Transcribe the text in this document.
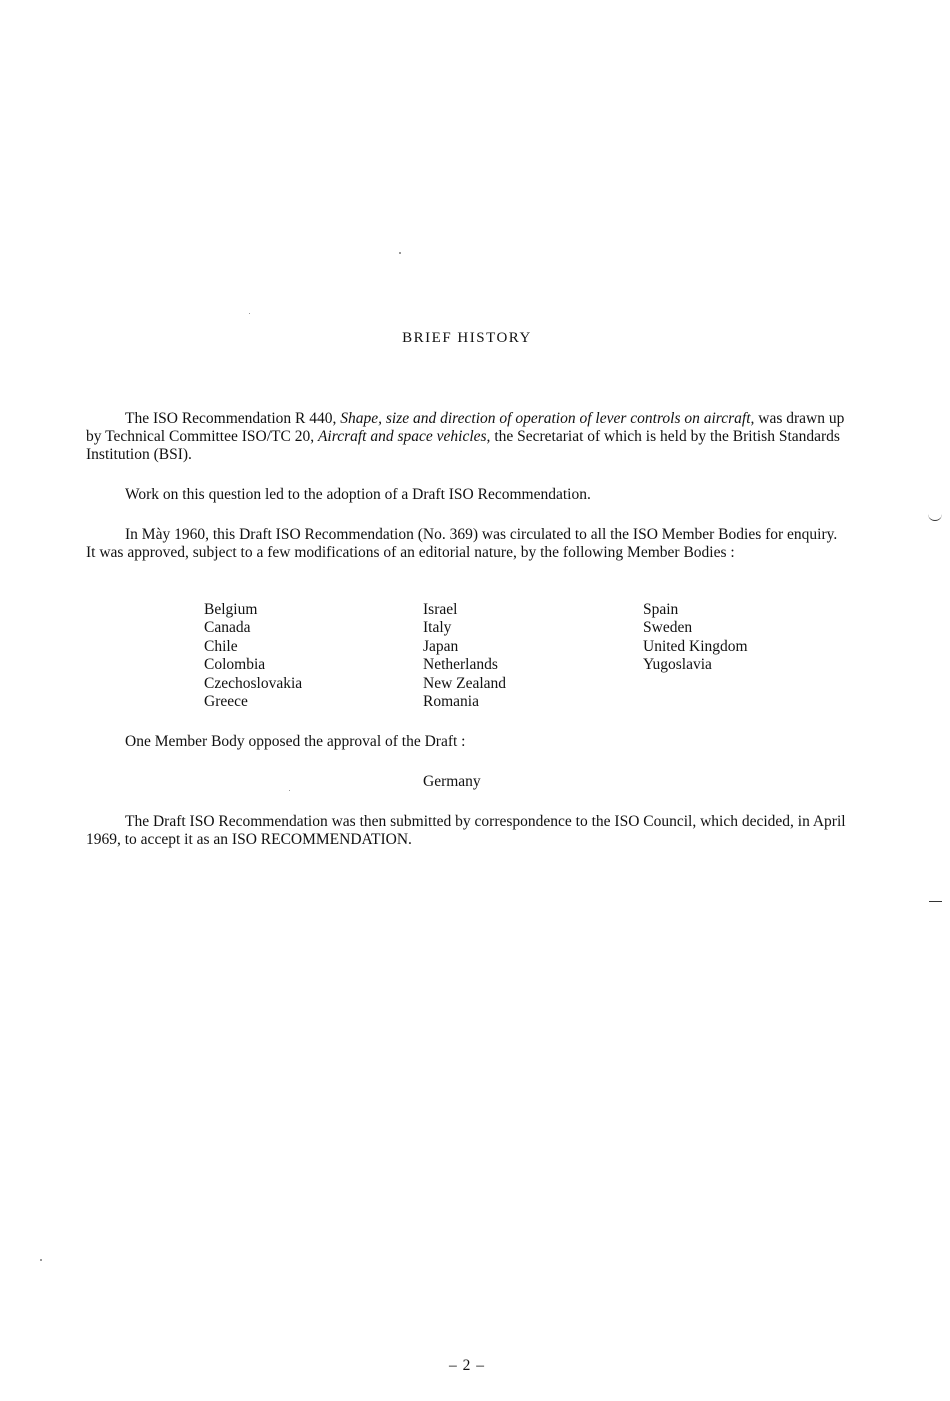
BRIEF HISTORY

The ISO Recommendation R 440, Shape, size and direction of operation of lever controls on aircraft, was drawn up by Technical Committee ISO/TC 20, Aircraft and space vehicles, the Secretariat of which is held by the British Standards Institution (BSI).

Work on this question led to the adoption of a Draft ISO Recommendation.

In Mày 1960, this Draft ISO Recommendation (No. 369) was circulated to all the ISO Member Bodies for enquiry. It was approved, subject to a few modifications of an editorial nature, by the following Member Bodies :

Belgium
Canada
Chile
Colombia
Czechoslovakia
Greece
Israel
Italy
Japan
Netherlands
New Zealand
Romania
Spain
Sweden
United Kingdom
Yugoslavia

One Member Body opposed the approval of the Draft :

Germany

The Draft ISO Recommendation was then submitted by correspondence to the ISO Council, which decided, in April 1969, to accept it as an ISO RECOMMENDATION.

– 2 –
